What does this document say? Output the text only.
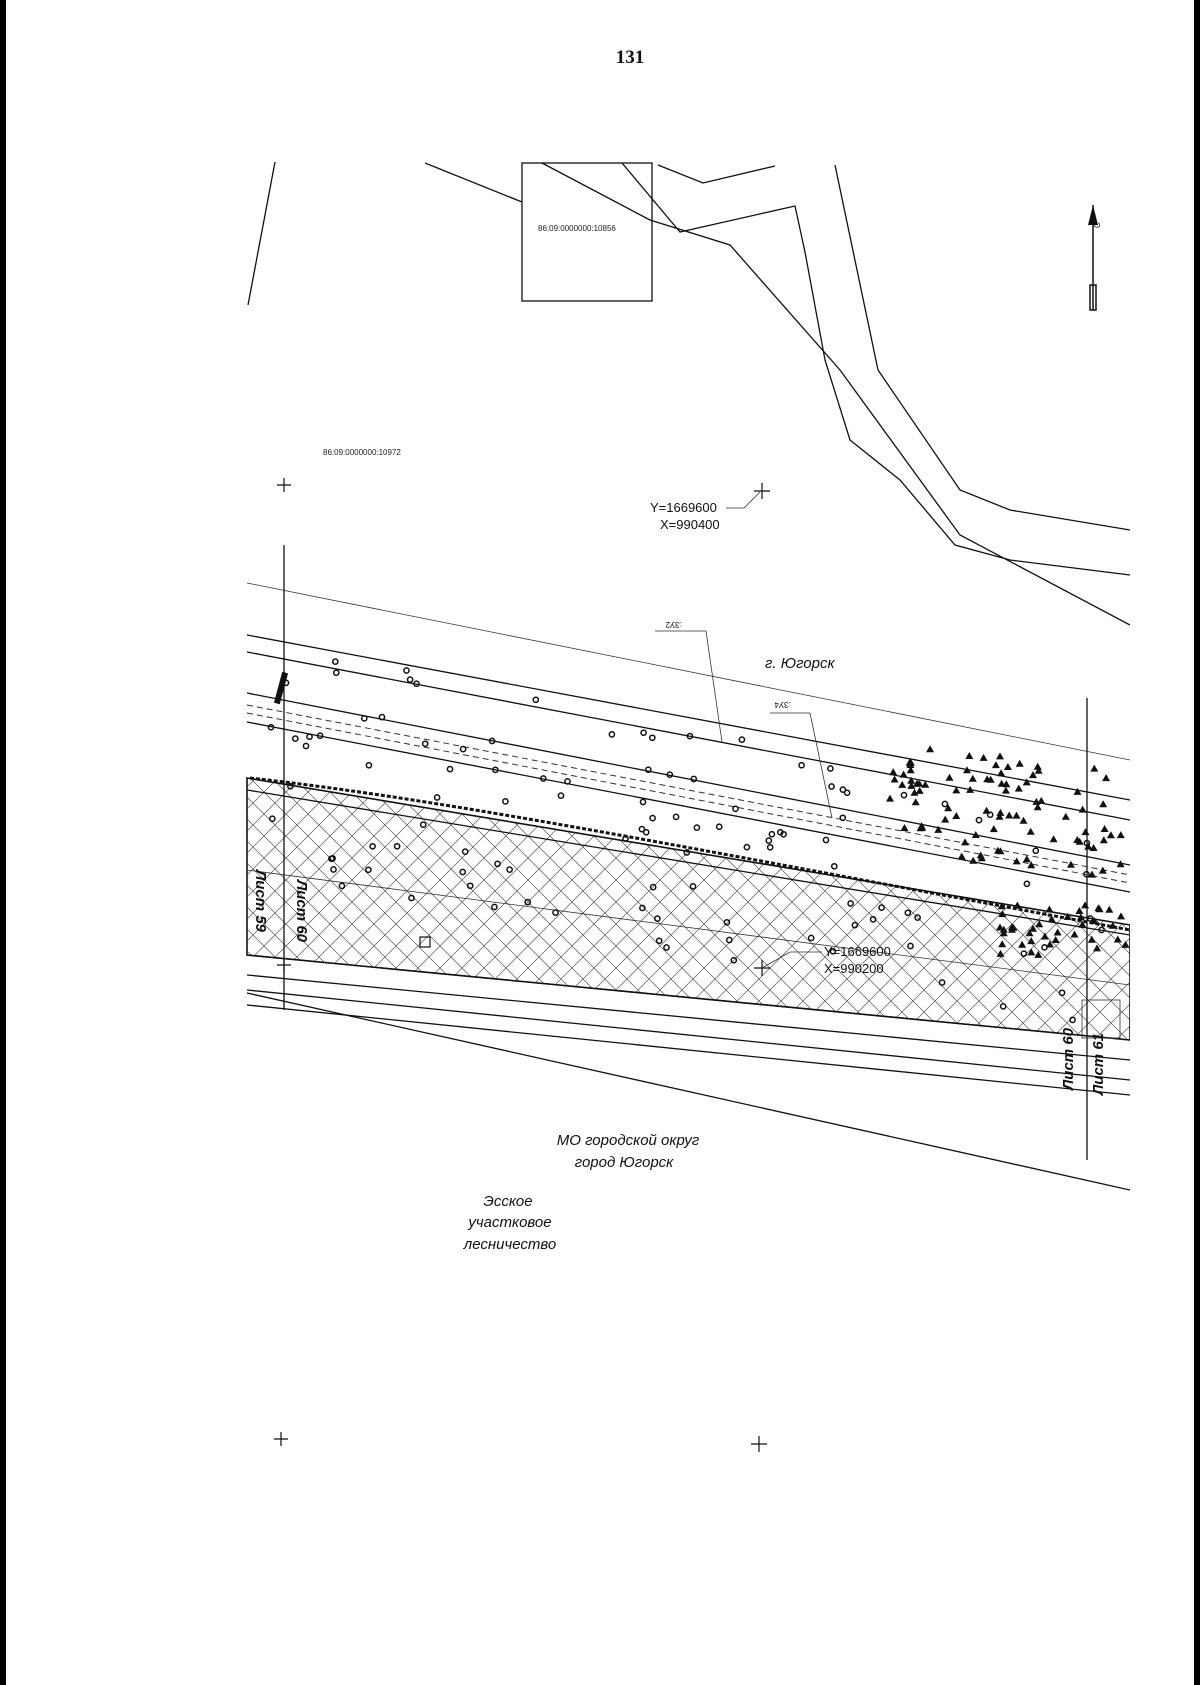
131
86:09:0000000:10856
86:09:0000000:10972
Y=1669600
X=990400
Y=1669600
X=990200
:ЗУ2
:ЗУ4
г. Югорск
МО городской округ
город Югорск
Эсское
участковое
лесничество
Лист 59 Лист 60
Лист 60 Лист 61
С
